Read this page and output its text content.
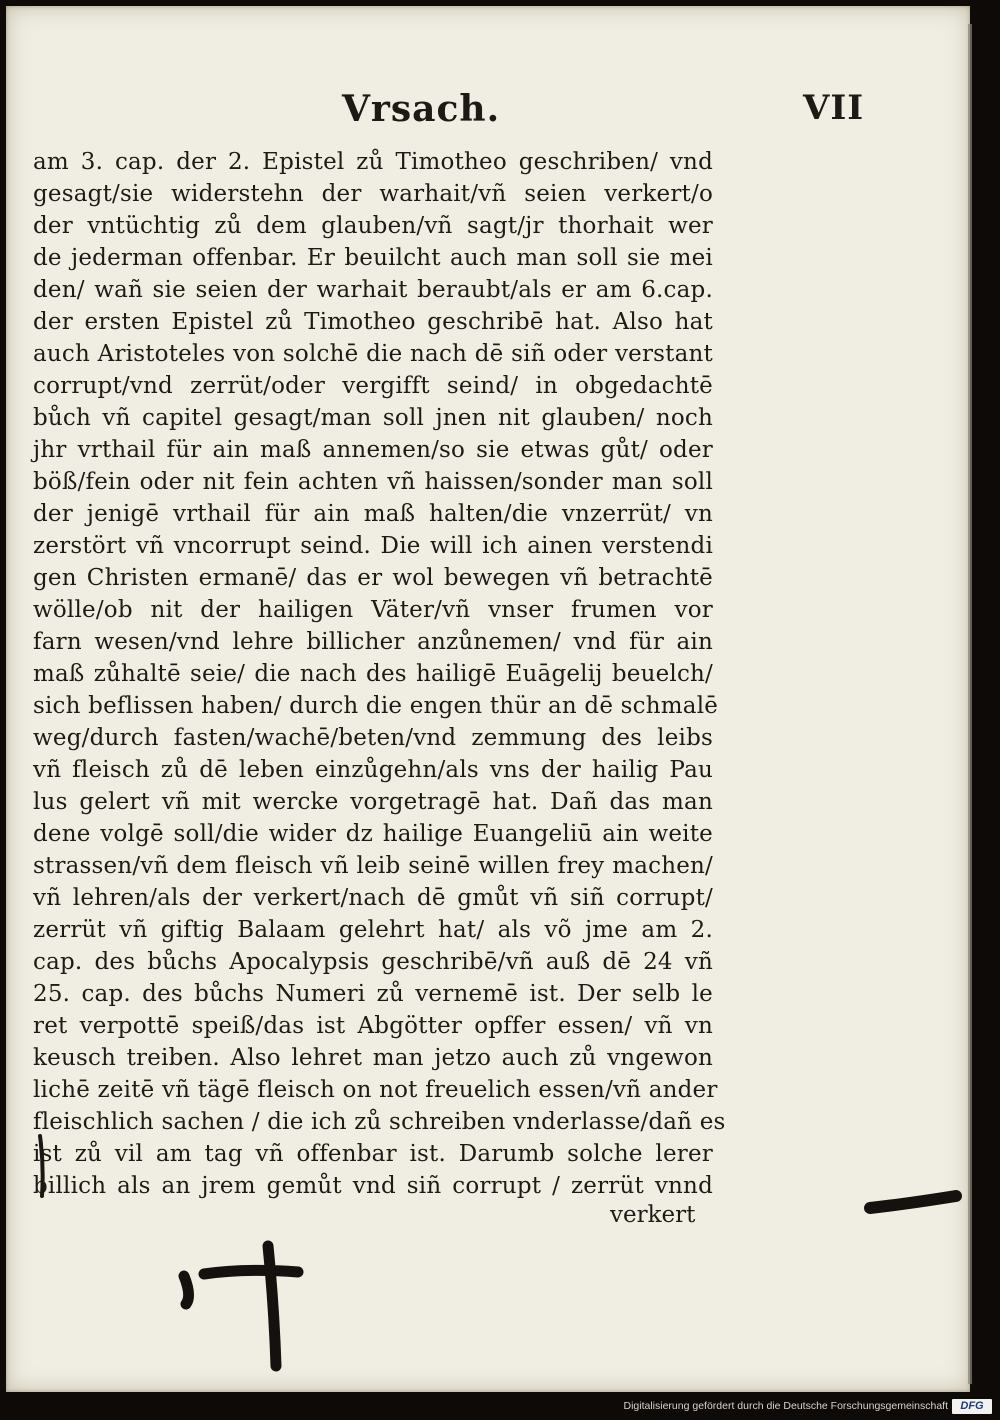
Vrsach.	VII
am 3. cap. der 2. Epistel zů Timotheo geschriben/ vnd
gesagt/sie widerstehn der warhait/vñ seien verkert/o
der vntüchtig zů dem glauben/vñ sagt/jr thorhait wer
de jederman offenbar. Er beuilcht auch man soll sie mei
den/ wañ sie seien der warhait beraubt/als er am 6.cap.
der ersten Epistel zů Timotheo geschribē hat. Also hat
auch Aristoteles von solchē die nach dē siñ oder verstant
corrupt/vnd zerrüt/oder vergifft seind/ in obgedachtē
bůch vñ capitel gesagt/man soll jnen nit glauben/ noch
jhr vrthail für ain maß annemen/so sie etwas gůt/ oder
böß/fein oder nit fein achten vñ haissen/sonder man soll
der jenigē vrthail für ain maß halten/die vnzerrüt/ vn
zerstört vñ vncorrupt seind. Die will ich ainen verstendi
gen Christen ermanē/ das er wol bewegen vñ betrachtē
wölle/ob nit der hailigen Väter/vñ vnser frumen vor
farn wesen/vnd lehre billicher anzůnemen/ vnd für ain
maß zůhaltē seie/ die nach des hailigē Euāgelij beuelch/
sich beflissen haben/ durch die engen thür an dē schmalē
weg/durch fasten/wachē/beten/vnd zemmung des leibs
vñ fleisch zů dē leben einzůgehn/als vns der hailig Pau
lus gelert vñ mit wercke vorgetragē hat. Dañ das man
dene volgē soll/die wider dz hailige Euangeliū ain weite
strassen/vñ dem fleisch vñ leib seinē willen frey machen/
vñ lehren/als der verkert/nach dē gmůt vñ siñ corrupt/
zerrüt vñ giftig Balaam gelehrt hat/ als võ jme am 2.
cap. des bůchs Apocalypsis geschribē/vñ auß dē 24 vñ
25. cap. des bůchs Numeri zů vernemē ist. Der selb le
ret verpottē speiß/das ist Abgötter opffer essen/ vñ vn
keusch treiben. Also lehret man jetzo auch zů vngewon
lichē zeitē vñ tägē fleisch on not freuelich essen/vñ ander
fleischlich sachen / die ich zů schreiben vnderlasse/dañ es
ist zů vil am tag vñ offenbar ist. Darumb solche lerer
billich als an jrem gemůt vnd siñ corrupt / zerrüt vnnd
verkert
Digitalisierung gefördert durch die Deutsche Forschungsgemeinschaft	DFG
